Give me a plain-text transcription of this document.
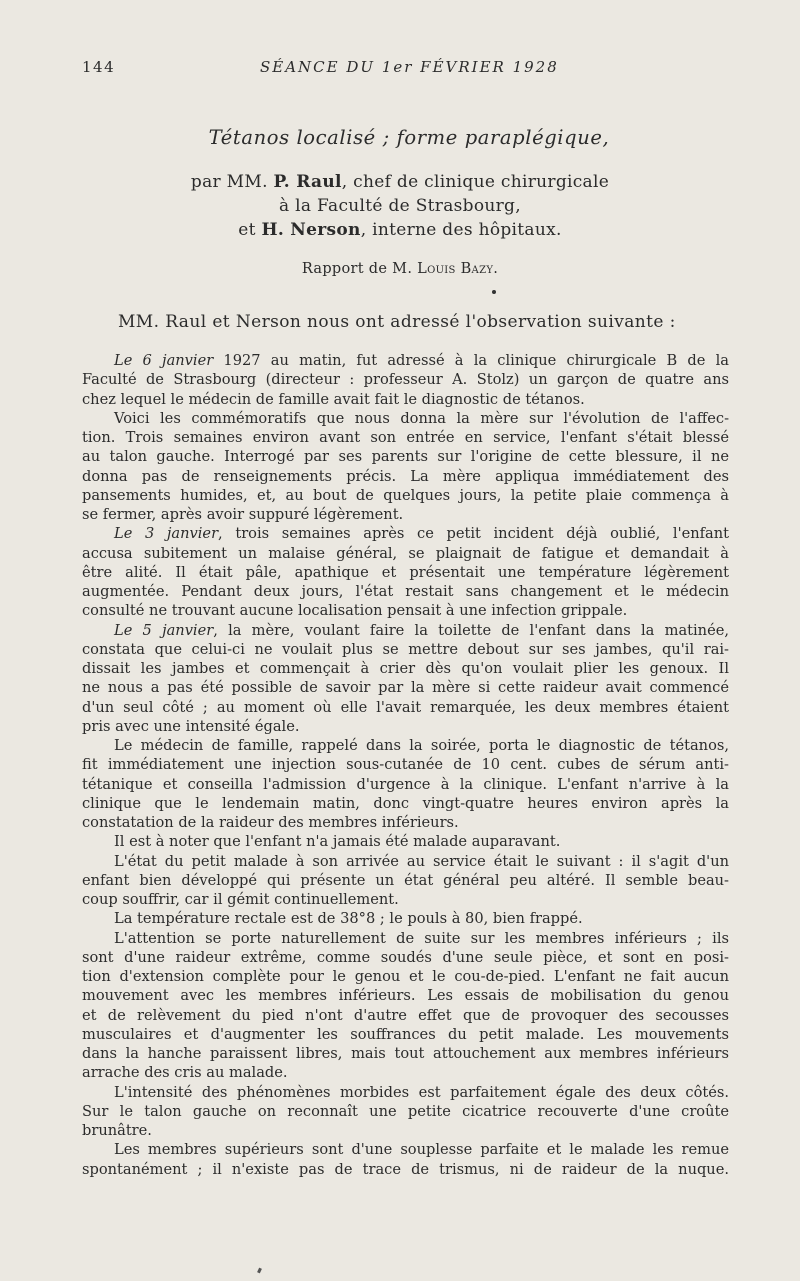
144	SÉANCE DU 1er FÉVRIER 1928
Tétanos localisé ; forme paraplégique,
par MM. P. Raul, chef de clinique chirurgicale
à la Faculté de Strasbourg,
et H. Nerson, interne des hôpitaux.
Rapport de M. Louis Bazy.
MM. Raul et Nerson nous ont adressé l'observation suivante :
Le 6 janvier 1927 au matin, fut adressé à la clinique chirurgicale B de la
Faculté de Strasbourg (directeur : professeur A. Stolz) un garçon de quatre ans
chez lequel le médecin de famille avait fait le diagnostic de tétanos.
Voici les commémoratifs que nous donna la mère sur l'évolution de l'affec-
tion. Trois semaines environ avant son entrée en service, l'enfant s'était blessé
au talon gauche. Interrogé par ses parents sur l'origine de cette blessure, il ne
donna pas de renseignements précis. La mère appliqua immédiatement des
pansements humides, et, au bout de quelques jours, la petite plaie commença à
se fermer, après avoir suppuré légèrement.
Le 3 janvier, trois semaines après ce petit incident déjà oublié, l'enfant
accusa subitement un malaise général, se plaignait de fatigue et demandait à
être alité. Il était pâle, apathique et présentait une température légèrement
augmentée. Pendant deux jours, l'état restait sans changement et le médecin
consulté ne trouvant aucune localisation pensait à une infection grippale.
Le 5 janvier, la mère, voulant faire la toilette de l'enfant dans la matinée,
constata que celui-ci ne voulait plus se mettre debout sur ses jambes, qu'il rai-
dissait les jambes et commençait à crier dès qu'on voulait plier les genoux. Il
ne nous a pas été possible de savoir par la mère si cette raideur avait commencé
d'un seul côté ; au moment où elle l'avait remarquée, les deux membres étaient
pris avec une intensité égale.
Le médecin de famille, rappelé dans la soirée, porta le diagnostic de tétanos,
fit immédiatement une injection sous-cutanée de 10 cent. cubes de sérum anti-
tétanique et conseilla l'admission d'urgence à la clinique. L'enfant n'arrive à la
clinique que le lendemain matin, donc vingt-quatre heures environ après la
constatation de la raideur des membres inférieurs.
Il est à noter que l'enfant n'a jamais été malade auparavant.
L'état du petit malade à son arrivée au service était le suivant : il s'agit d'un
enfant bien développé qui présente un état général peu altéré. Il semble beau-
coup souffrir, car il gémit continuellement.
La température rectale est de 38°8 ; le pouls à 80, bien frappé.
L'attention se porte naturellement de suite sur les membres inférieurs ; ils
sont d'une raideur extrême, comme soudés d'une seule pièce, et sont en posi-
tion d'extension complète pour le genou et le cou-de-pied. L'enfant ne fait aucun
mouvement avec les membres inférieurs. Les essais de mobilisation du genou
et de relèvement du pied n'ont d'autre effet que de provoquer des secousses
musculaires et d'augmenter les souffrances du petit malade. Les mouvements
dans la hanche paraissent libres, mais tout attouchement aux membres inférieurs
arrache des cris au malade.
L'intensité des phénomènes morbides est parfaitement égale des deux côtés.
Sur le talon gauche on reconnaît une petite cicatrice recouverte d'une croûte
brunâtre.
Les membres supérieurs sont d'une souplesse parfaite et le malade les remue
spontanément ; il n'existe pas de trace de trismus, ni de raideur de la nuque.
